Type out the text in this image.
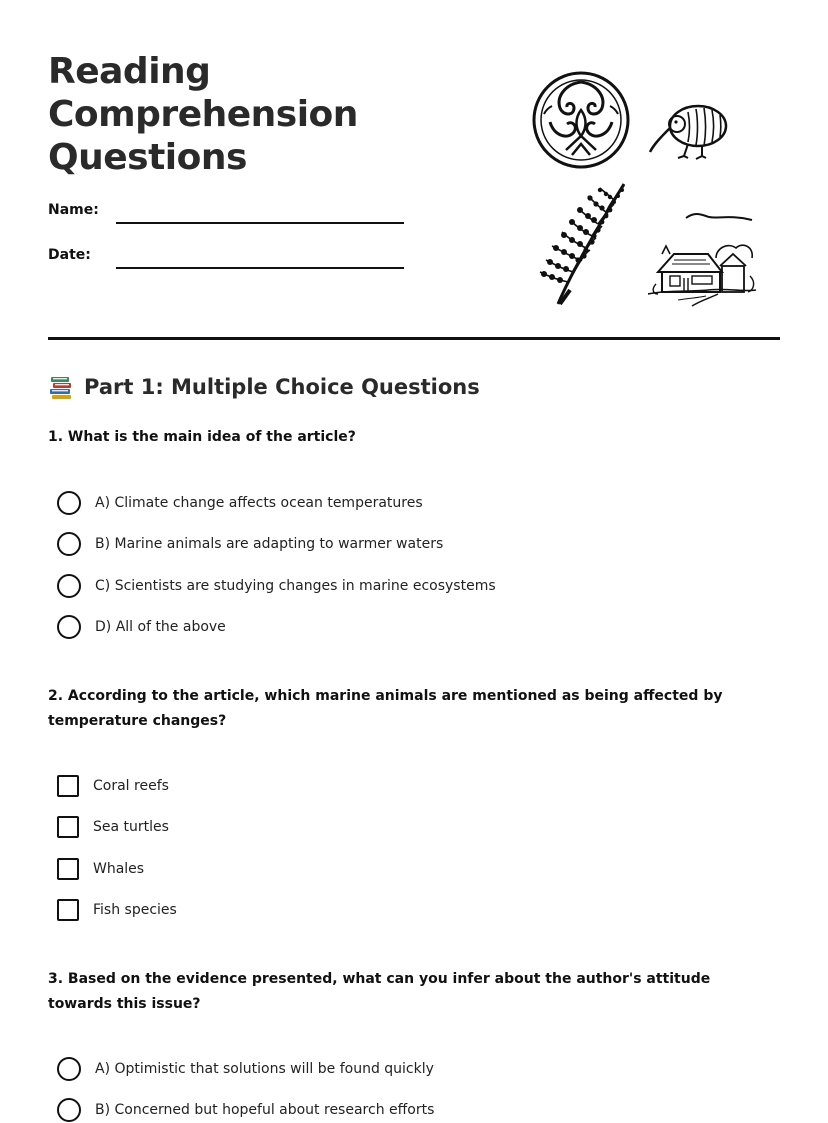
Reading
Comprehension
Questions
Name:
Date:
Part 1: Multiple Choice Questions

1. What is the main idea of the article?

A) Climate change affects ocean temperatures
B) Marine animals are adapting to warmer waters
C) Scientists are studying changes in marine ecosystems
D) All of the above

2. According to the article, which marine animals are mentioned as being affected by temperature changes?

Coral reefs
Sea turtles
Whales
Fish species

3. Based on the evidence presented, what can you infer about the author's attitude towards this issue?

A) Optimistic that solutions will be found quickly
B) Concerned but hopeful about research efforts
